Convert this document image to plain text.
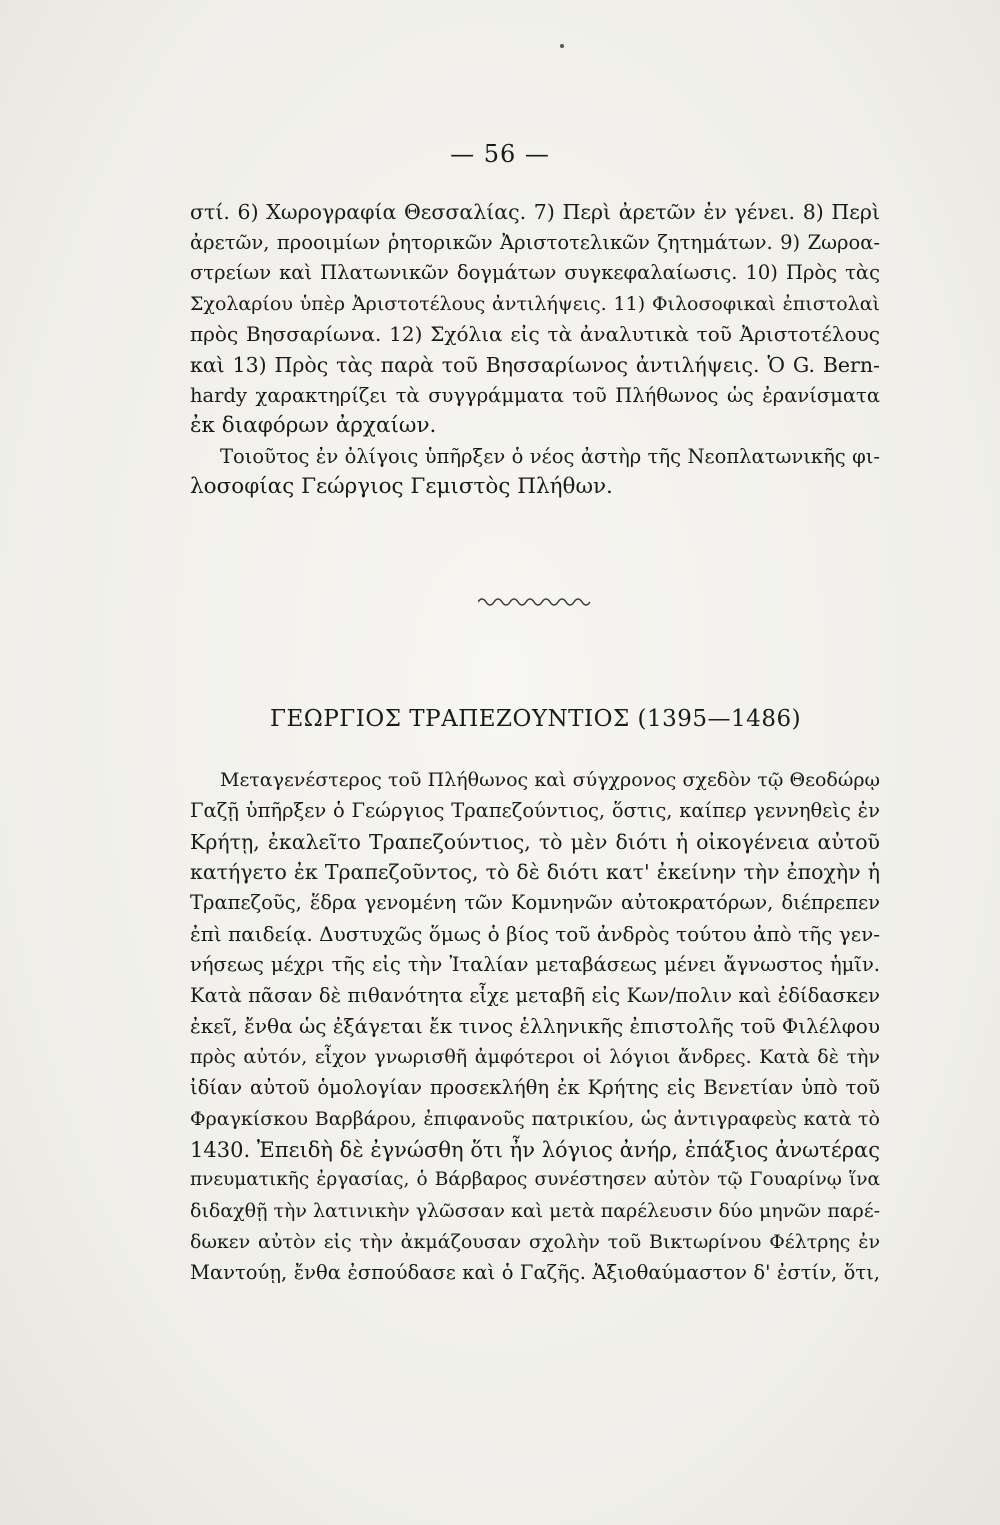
— 56 —
στί. 6) Χωρογραφία Θεσσαλίας. 7) Περὶ ἀρετῶν ἐν γένει. 8) Περὶ
ἀρετῶν, προοιμίων ῥητορικῶν Ἀριστοτελικῶν ζητημάτων. 9) Ζωροα-
στρείων καὶ Πλατωνικῶν δογμάτων συγκεφαλαίωσις. 10) Πρὸς τὰς
Σχολαρίου ὑπὲρ Ἀριστοτέλους ἀντιλήψεις. 11) Φιλοσοφικαὶ ἐπιστολαὶ
πρὸς Βησσαρίωνα. 12) Σχόλια εἰς τὰ ἀναλυτικὰ τοῦ Ἀριστοτέλους
καὶ 13) Πρὸς τὰς παρὰ τοῦ Βησσαρίωνος ἀντιλήψεις. Ὁ G. Bern-
hardy χαρακτηρίζει τὰ συγγράμματα τοῦ Πλήθωνος ὡς ἐρανίσματα
ἐκ διαφόρων ἀρχαίων.
Τοιοῦτος ἐν ὀλίγοις ὑπῆρξεν ὁ νέος ἀστὴρ τῆς Νεοπλατωνικῆς φι-
λοσοφίας Γεώργιος Γεμιστὸς Πλήθων.
ΓΕΩΡΓΙΟΣ ΤΡΑΠΕΖΟΥΝΤΙΟΣ (1395—1486)
Μεταγενέστερος τοῦ Πλήθωνος καὶ σύγχρονος σχεδὸν τῷ Θεοδώρῳ
Γαζῇ ὑπῆρξεν ὁ Γεώργιος Τραπεζούντιος, ὅστις, καίπερ γεννηθεὶς ἐν
Κρήτῃ, ἐκαλεῖτο Τραπεζούντιος, τὸ μὲν διότι ἡ οἰκογένεια αὐτοῦ
κατήγετο ἐκ Τραπεζοῦντος, τὸ δὲ διότι κατ' ἐκείνην τὴν ἐποχὴν ἡ
Τραπεζοῦς, ἕδρα γενομένη τῶν Κομνηνῶν αὐτοκρατόρων, διέπρεπεν
ἐπὶ παιδείᾳ. Δυστυχῶς ὅμως ὁ βίος τοῦ ἀνδρὸς τούτου ἀπὸ τῆς γεν-
νήσεως μέχρι τῆς εἰς τὴν Ἰταλίαν μεταβάσεως μένει ἄγνωστος ἡμῖν.
Κατὰ πᾶσαν δὲ πιθανότητα εἶχε μεταβῆ εἰς Κων/πολιν καὶ ἐδίδασκεν
ἐκεῖ, ἔνθα ὡς ἐξάγεται ἔκ τινος ἑλληνικῆς ἐπιστολῆς τοῦ Φιλέλφου
πρὸς αὐτόν, εἶχον γνωρισθῆ ἀμφότεροι οἱ λόγιοι ἄνδρες. Κατὰ δὲ τὴν
ἰδίαν αὐτοῦ ὁμολογίαν προσεκλήθη ἐκ Κρήτης εἰς Βενετίαν ὑπὸ τοῦ
Φραγκίσκου Βαρβάρου, ἐπιφανοῦς πατρικίου, ὡς ἀντιγραφεὺς κατὰ τὸ
1430. Ἐπειδὴ δὲ ἐγνώσθη ὅτι ἦν λόγιος ἀνήρ, ἐπάξιος ἀνωτέρας
πνευματικῆς ἐργασίας, ὁ Βάρβαρος συνέστησεν αὐτὸν τῷ Γουαρίνῳ ἵνα
διδαχθῇ τὴν λατινικὴν γλῶσσαν καὶ μετὰ παρέλευσιν δύο μηνῶν παρέ-
δωκεν αὐτὸν εἰς τὴν ἀκμάζουσαν σχολὴν τοῦ Βικτωρίνου Φέλτρης ἐν
Μαντούῃ, ἔνθα ἐσπούδασε καὶ ὁ Γαζῆς. Ἀξιοθαύμαστον δ' ἐστίν, ὅτι,
